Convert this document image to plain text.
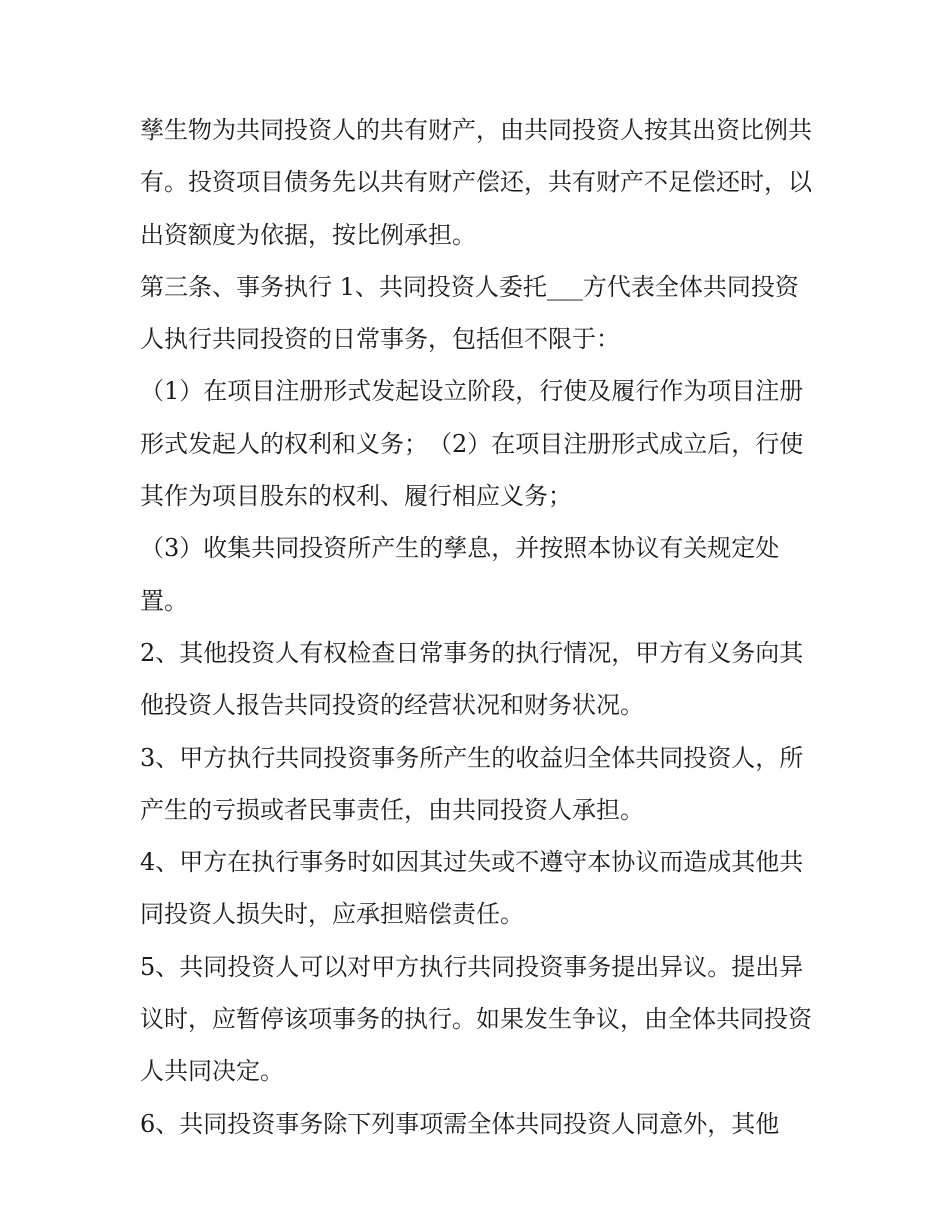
孳生物为共同投资人的共有财产，由共同投资人按其出资比例共有。投资项目债务先以共有财产偿还，共有财产不足偿还时，以出资额度为依据，按比例承担。

第三条、事务执行 1、共同投资人委托___方代表全体共同投资人执行共同投资的日常事务，包括但不限于：

（1）在项目注册形式发起设立阶段，行使及履行作为项目注册形式发起人的权利和义务；　（2）在项目注册形式成立后，行使其作为项目股东的权利、履行相应义务；

（3）收集共同投资所产生的孳息，并按照本协议有关规定处置。

2、其他投资人有权检查日常事务的执行情况，甲方有义务向其他投资人报告共同投资的经营状况和财务状况。

3、甲方执行共同投资事务所产生的收益归全体共同投资人，所产生的亏损或者民事责任，由共同投资人承担。

4、甲方在执行事务时如因其过失或不遵守本协议而造成其他共同投资人损失时，应承担赔偿责任。

5、共同投资人可以对甲方执行共同投资事务提出异议。提出异议时，应暂停该项事务的执行。如果发生争议，由全体共同投资人共同决定。

6、共同投资事务除下列事项需全体共同投资人同意外，其他
